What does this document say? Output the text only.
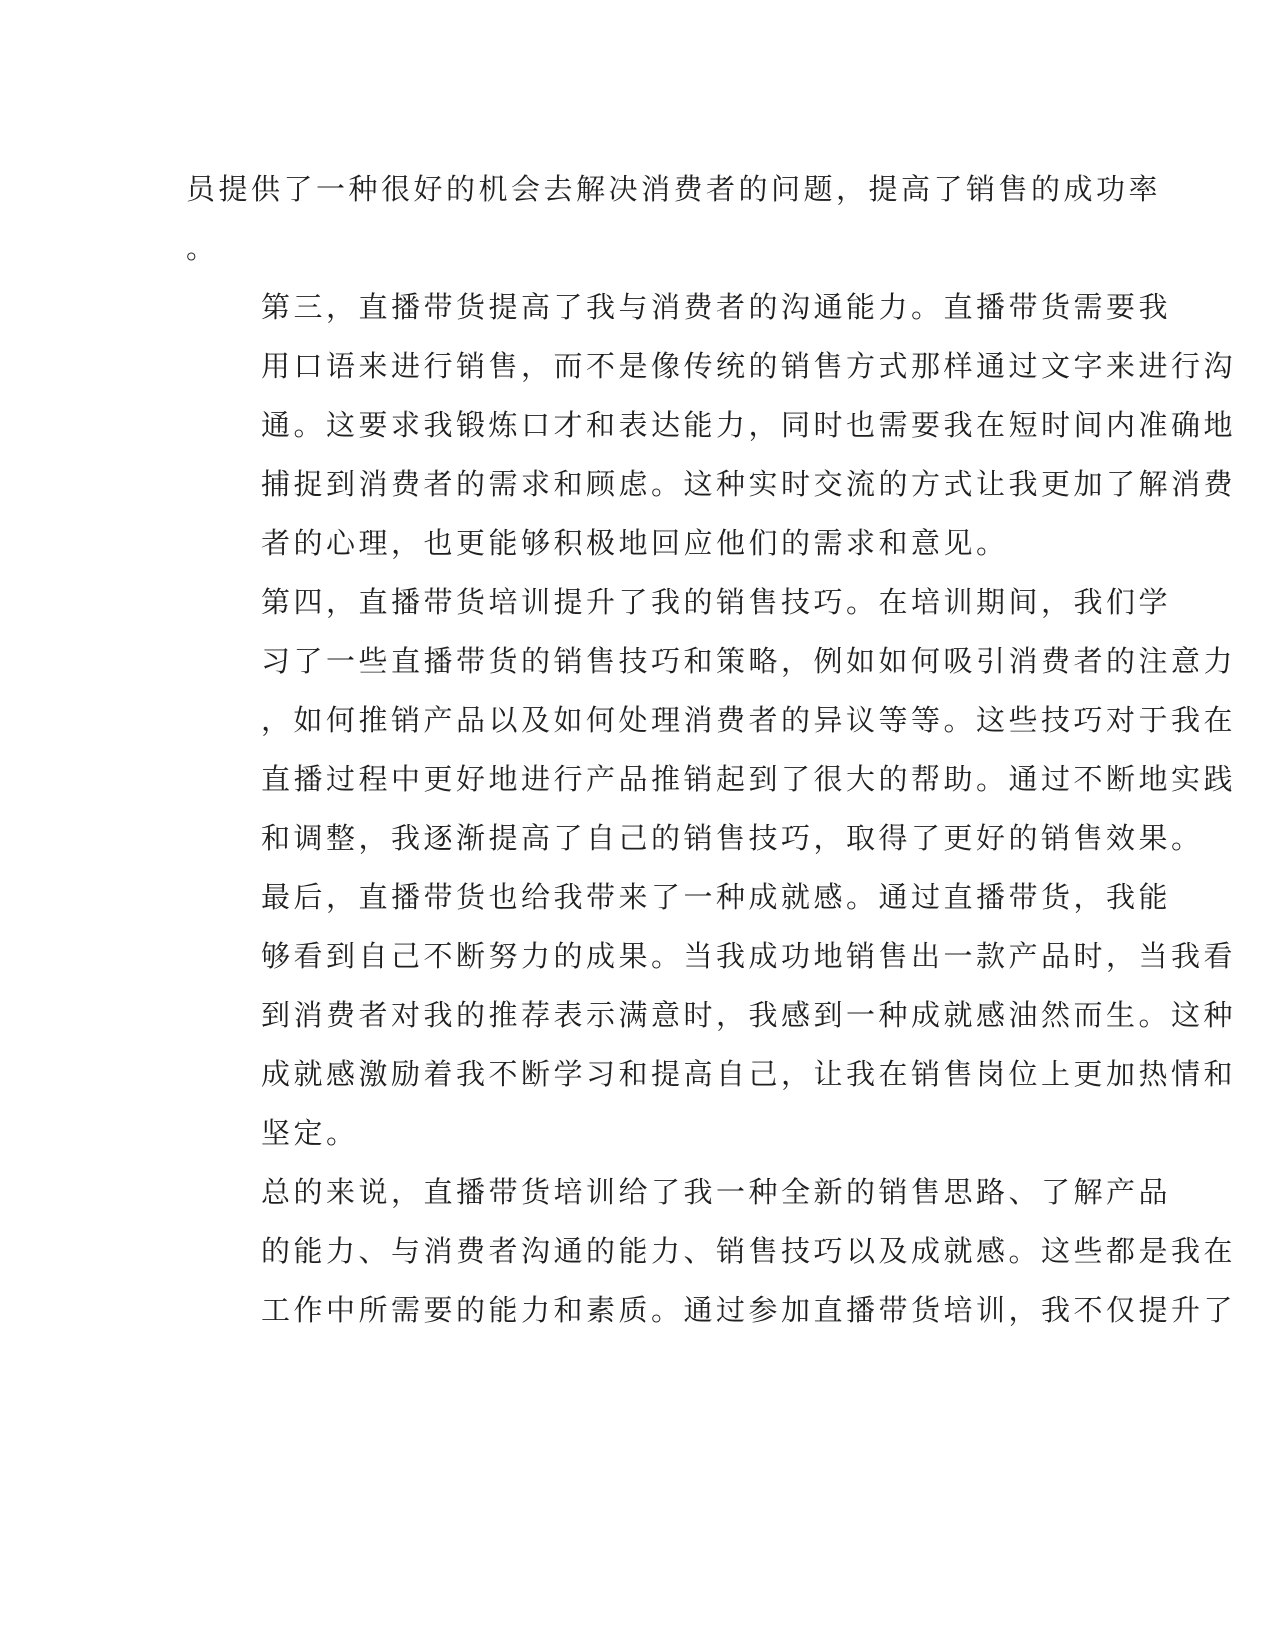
员提供了一种很好的机会去解决消费者的问题，提高了销售的成功率
。

第三，直播带货提高了我与消费者的沟通能力。直播带货需要我
用口语来进行销售，而不是像传统的销售方式那样通过文字来进行沟
通。这要求我锻炼口才和表达能力，同时也需要我在短时间内准确地
捕捉到消费者的需求和顾虑。这种实时交流的方式让我更加了解消费
者的心理，也更能够积极地回应他们的需求和意见。

第四，直播带货培训提升了我的销售技巧。在培训期间，我们学
习了一些直播带货的销售技巧和策略，例如如何吸引消费者的注意力
，如何推销产品以及如何处理消费者的异议等等。这些技巧对于我在
直播过程中更好地进行产品推销起到了很大的帮助。通过不断地实践
和调整，我逐渐提高了自己的销售技巧，取得了更好的销售效果。

最后，直播带货也给我带来了一种成就感。通过直播带货，我能
够看到自己不断努力的成果。当我成功地销售出一款产品时，当我看
到消费者对我的推荐表示满意时，我感到一种成就感油然而生。这种
成就感激励着我不断学习和提高自己，让我在销售岗位上更加热情和
坚定。

总的来说，直播带货培训给了我一种全新的销售思路、了解产品
的能力、与消费者沟通的能力、销售技巧以及成就感。这些都是我在
工作中所需要的能力和素质。通过参加直播带货培训，我不仅提升了
